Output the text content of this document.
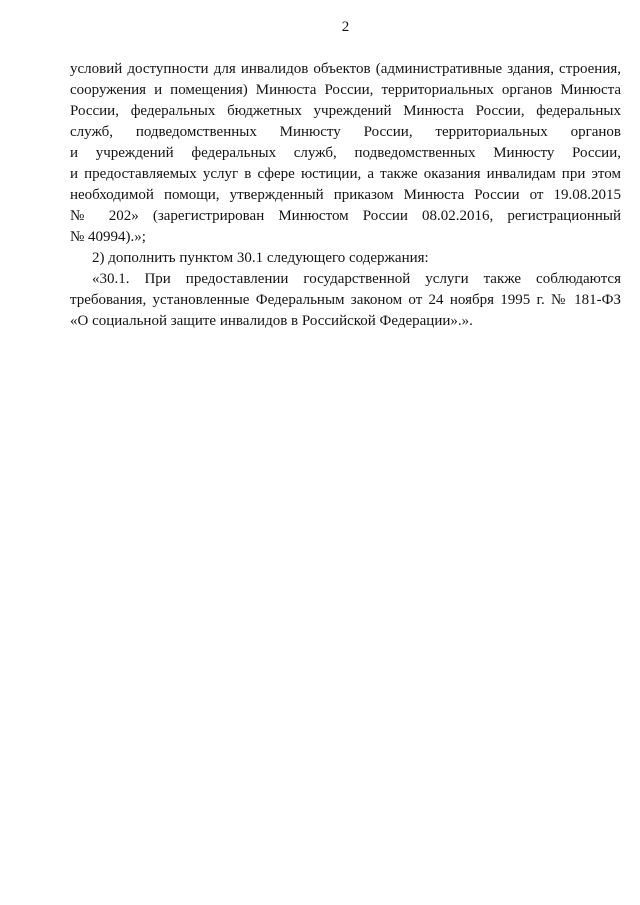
2
условий доступности для инвалидов объектов (административные здания, строения,
сооружения и помещения) Минюста России, территориальных органов Минюста
России, федеральных бюджетных учреждений Минюста России, федеральных
служб, подведомственных Минюсту России, территориальных органов
и учреждений федеральных служб, подведомственных Минюсту России,
и предоставляемых услуг в сфере юстиции, а также оказания инвалидам при этом
необходимой помощи, утвержденный приказом Минюста России от 19.08.2015
№ 202» (зарегистрирован Минюстом России 08.02.2016, регистрационный
№ 40994).»;
2) дополнить пунктом 30.1 следующего содержания:
«30.1. При предоставлении государственной услуги также соблюдаются
требования, установленные Федеральным законом от 24 ноября 1995 г. № 181-ФЗ
«О социальной защите инвалидов в Российской Федерации».».
